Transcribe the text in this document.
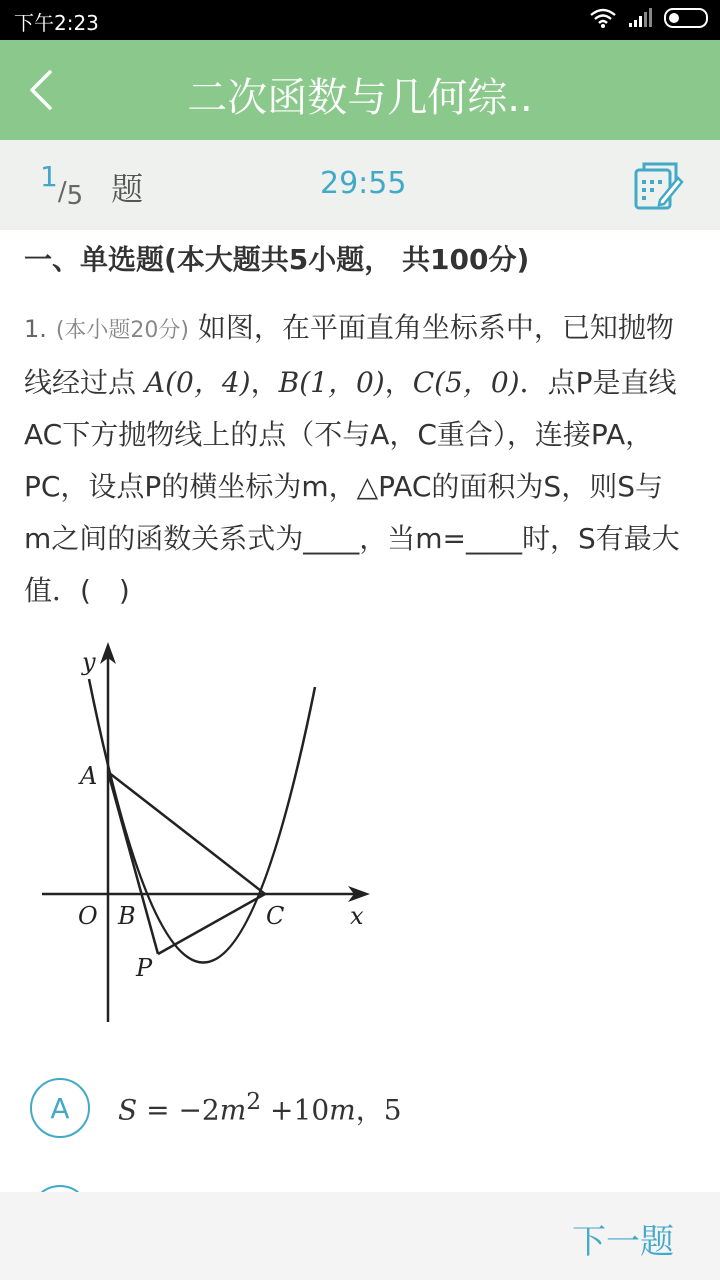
下午2:23
二次函数与几何综..
$^1$/5 题	29:55
一、单选题(本大题共5小题， 共100分)
1. (本小题20分) 如图，在平面直角坐标系中，已知抛物线经过点 A(0，4)，B(1，0)，C(5，0)．点P是直线AC下方抛物线上的点（不与A，C重合），连接PA，PC，设点P的横坐标为m，△PAC的面积为S，则S与m之间的函数关系式为____，当m=____时，S有最大值．(　)
y
x
A
O B	C
P
A	$S = -2m^2 +10m$，5
下一题
